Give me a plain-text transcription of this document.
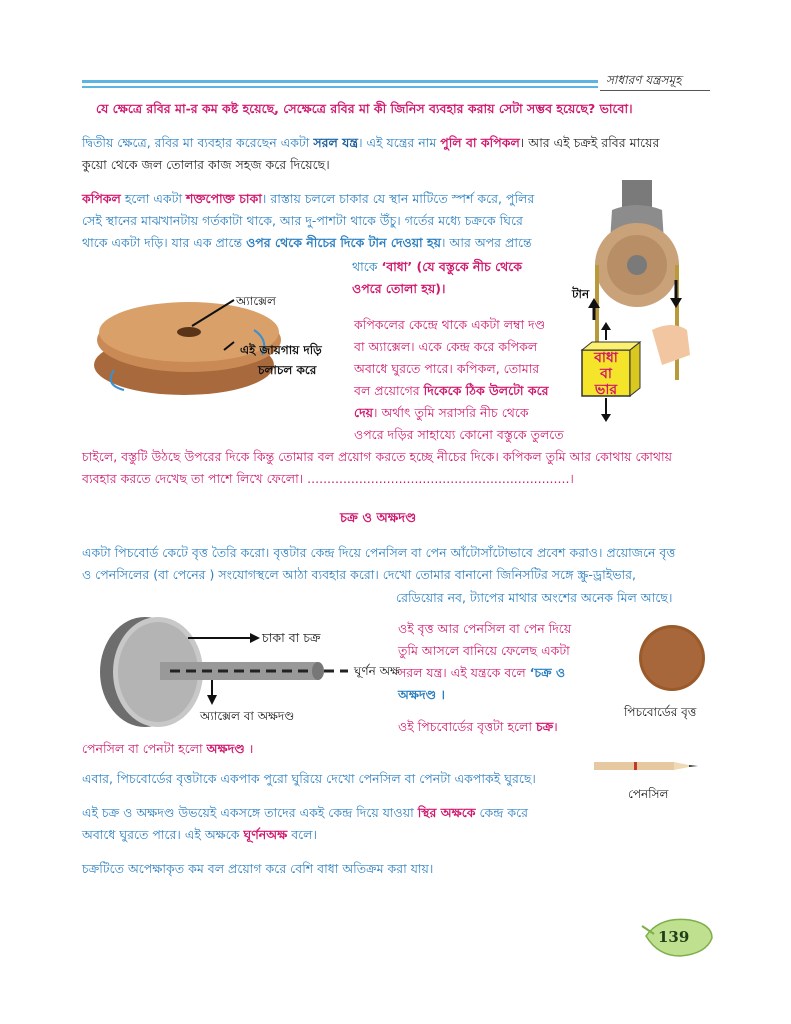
সাধারণ যন্ত্রসমূহ
যে ক্ষেত্রে রবির মা-র কম কষ্ট হয়েছে, সেক্ষেত্রে রবির মা কী জিনিস ব্যবহার করায় সেটা সম্ভব হয়েছে? ভাবো।
দ্বিতীয় ক্ষেত্রে, রবির মা ব্যবহার করেছেন একটা সরল যন্ত্র। এই যন্ত্রের নাম পুলি বা কপিকল। আর এই চক্রই রবির মায়ের
কুয়ো থেকে জল তোলার কাজ সহজ করে দিয়েছে।
কপিকল হলো একটা শক্তপোক্ত চাকা। রাস্তায় চললে চাকার যে স্থান মাটিতে স্পর্শ করে, পুলির
সেই স্থানের মাঝখানটায় গর্তকাটা থাকে, আর দু-পাশটা থাকে উঁচু। গর্তের মধ্যে চক্রকে ঘিরে
থাকে একটা দড়ি। যার এক প্রান্তে ওপর থেকে নীচের দিকে টান দেওয়া হয়। আর অপর প্রান্তে
থাকে ‘বাধা’ (যে বস্তুকে নীচ থেকে
ওপরে তোলা হয়)।
অ্যাক্সেল
এই জায়গায় দড়ি
চলাচল করে
কপিকলের কেন্দ্রে থাকে একটা লম্বা দণ্ড
বা অ্যাক্সেল। একে কেন্দ্র করে কপিকল
অবাধে ঘুরতে পারে। কপিকল, তোমার
বল প্রয়োগের দিকেকে ঠিক উলটো করে
দেয়। অর্থাৎ তুমি সরাসরি নীচ থেকে
ওপরে দড়ির সাহায্যে কোনো বস্তুকে তুলতে
চাইলে, বস্তুটি উঠছে উপরের দিকে কিন্তু তোমার বল প্রয়োগ করতে হচ্ছে নীচের দিকে। কপিকল তুমি আর কোথায় কোথায়
ব্যবহার করতে দেখেছ তা পাশে লিখে ফেলো। ..................................................................।
টান
বাধা
বা
ভার
চক্র ও অক্ষদণ্ড
একটা পিচবোর্ড কেটে বৃত্ত তৈরি করো। বৃত্তটার কেন্দ্র দিয়ে পেনসিল বা পেন আঁটোসাঁটোভাবে প্রবেশ করাও। প্রয়োজনে বৃত্ত
ও পেনসিলের (বা পেনের ) সংযোগস্থলে আঠা ব্যবহার করো। দেখো তোমার বানানো জিনিসটির সঙ্গে স্ক্রু-ড্রাইভার,
রেডিয়োর নব, ট্যাপের মাথার অংশের অনেক মিল আছে।
চাকা বা চক্র
ঘূর্ণন অক্ষ
অ্যাক্সেল বা অক্ষদণ্ড
ওই বৃত্ত আর পেনসিল বা পেন দিয়ে
তুমি আসলে বানিয়ে ফেলেছ একটা
সরল যন্ত্র। এই যন্ত্রকে বলে ‘চক্র ও
অক্ষদণ্ড ।
ওই পিচবোর্ডের বৃত্তটা হলো চক্র।
পিচবোর্ডের বৃত্ত
পেনসিল
পেনসিল বা পেনটা হলো অক্ষদণ্ড ।
এবার, পিচবোর্ডের বৃত্তটাকে একপাক পুরো ঘুরিয়ে দেখো পেনসিল বা পেনটা একপাকই ঘুরছে।
এই চক্র ও অক্ষদণ্ড উভয়েই একসঙ্গে তাদের একই কেন্দ্র দিয়ে যাওয়া স্থির অক্ষকে কেন্দ্র করে
অবাধে ঘুরতে পারে। এই অক্ষকে ঘূর্ণনঅক্ষ বলে।
চক্রটিতে অপেক্ষাকৃত কম বল প্রয়োগ করে বেশি বাধা অতিক্রম করা যায়।
139
